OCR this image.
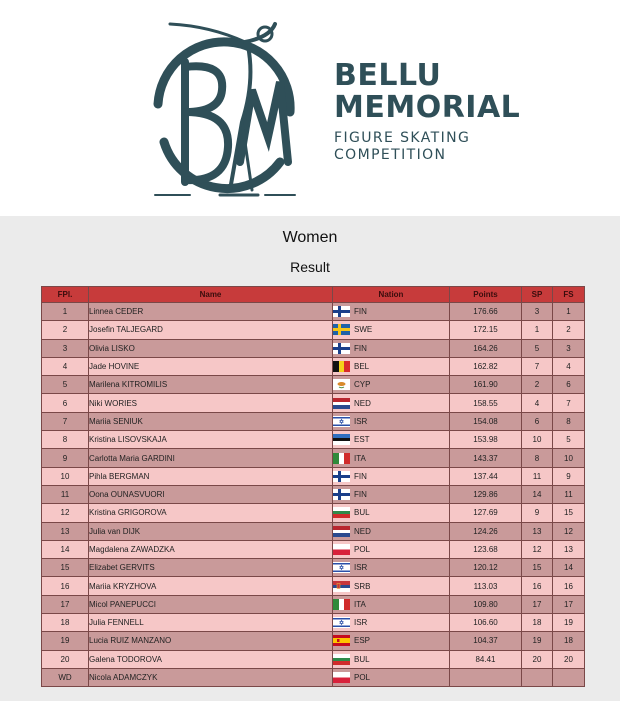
BELLU
MEMORIAL
FIGURE SKATING
COMPETITION
Women
Result
FPl.	Name	Nation	Points	SP	FS
1	Linnea CEDER	FIN	176.66	3	1
2	Josefin TALJEGARD	SWE	172.15	1	2
3	Olivia LISKO	FIN	164.26	5	3
4	Jade HOVINE	BEL	162.82	7	4
5	Marilena KITROMILIS	CYP	161.90	2	6
6	Niki WORIES	NED	158.55	4	7
7	Mariia SENIUK	ISR	154.08	6	8
8	Kristina LISOVSKAJA	EST	153.98	10	5
9	Carlotta Maria GARDINI	ITA	143.37	8	10
10	Pihla BERGMAN	FIN	137.44	11	9
11	Oona OUNASVUORI	FIN	129.86	14	11
12	Kristina GRIGOROVA	BUL	127.69	9	15
13	Julia van DIJK	NED	124.26	13	12
14	Magdalena ZAWADZKA	POL	123.68	12	13
15	Elizabet GERVITS	ISR	120.12	15	14
16	Mariia KRYZHOVA	SRB	113.03	16	16
17	Micol PANEPUCCI	ITA	109.80	17	17
18	Julia FENNELL	ISR	106.60	18	19
19	Lucia RUIZ MANZANO	ESP	104.37	19	18
20	Galena TODOROVA	BUL	84.41	20	20
WD	Nicola ADAMCZYK	POL			
